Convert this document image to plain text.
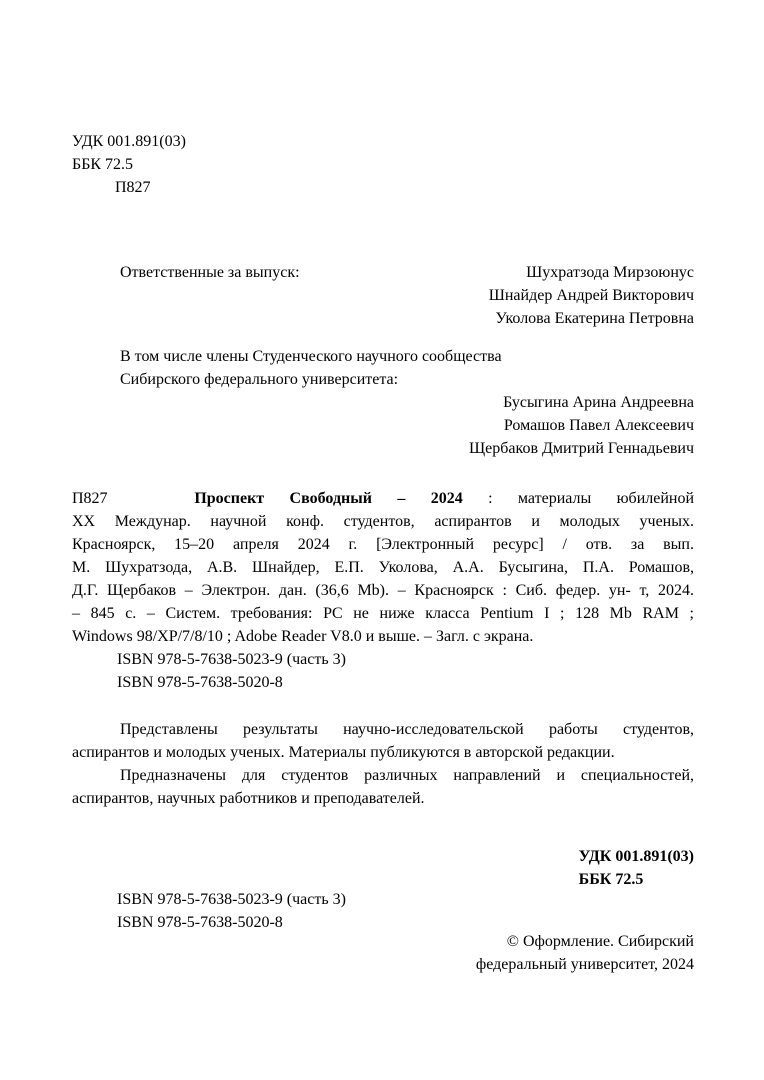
УДК 001.891(03)
ББК 72.5
П827
Ответственные за выпуск:	Шухратзода Мирзоюнус
Шнайдер Андрей Викторович
Уколова Екатерина Петровна
В том числе члены Студенческого научного сообщества
Сибирского федерального университета:
Бусыгина Арина Андреевна
Ромашов Павел Алексеевич
Щербаков Дмитрий Геннадьевич
П827	Проспект Свободный – 2024 : материалы юбилейной
ХХ Междунар. научной конф. студентов, аспирантов и молодых ученых.
Красноярск, 15–20 апреля 2024 г. [Электронный ресурс] / отв. за вып.
М. Шухратзода, А.В. Шнайдер, Е.П. Уколова, А.А. Бусыгина, П.А. Ромашов,
Д.Г. Щербаков – Электрон. дан. (36,6 Mb). – Красноярск : Сиб. федер. ун- т, 2024.
– 845 с. – Систем. требования: PC не ниже класса Pentium I ; 128 Mb RAM ;
Windows 98/XP/7/8/10 ; Adobe Reader V8.0 и выше. – Загл. с экрана.
ISBN 978-5-7638-5023-9 (часть 3)
ISBN 978-5-7638-5020-8
Представлены результаты научно-исследовательской работы студентов,
аспирантов и молодых ученых. Материалы публикуются в авторской редакции.
Предназначены для студентов различных направлений и специальностей,
аспирантов, научных работников и преподавателей.
УДК 001.891(03)
ББК 72.5
ISBN 978-5-7638-5023-9 (часть 3)
ISBN 978-5-7638-5020-8
© Оформление. Сибирский
федеральный университет, 2024
